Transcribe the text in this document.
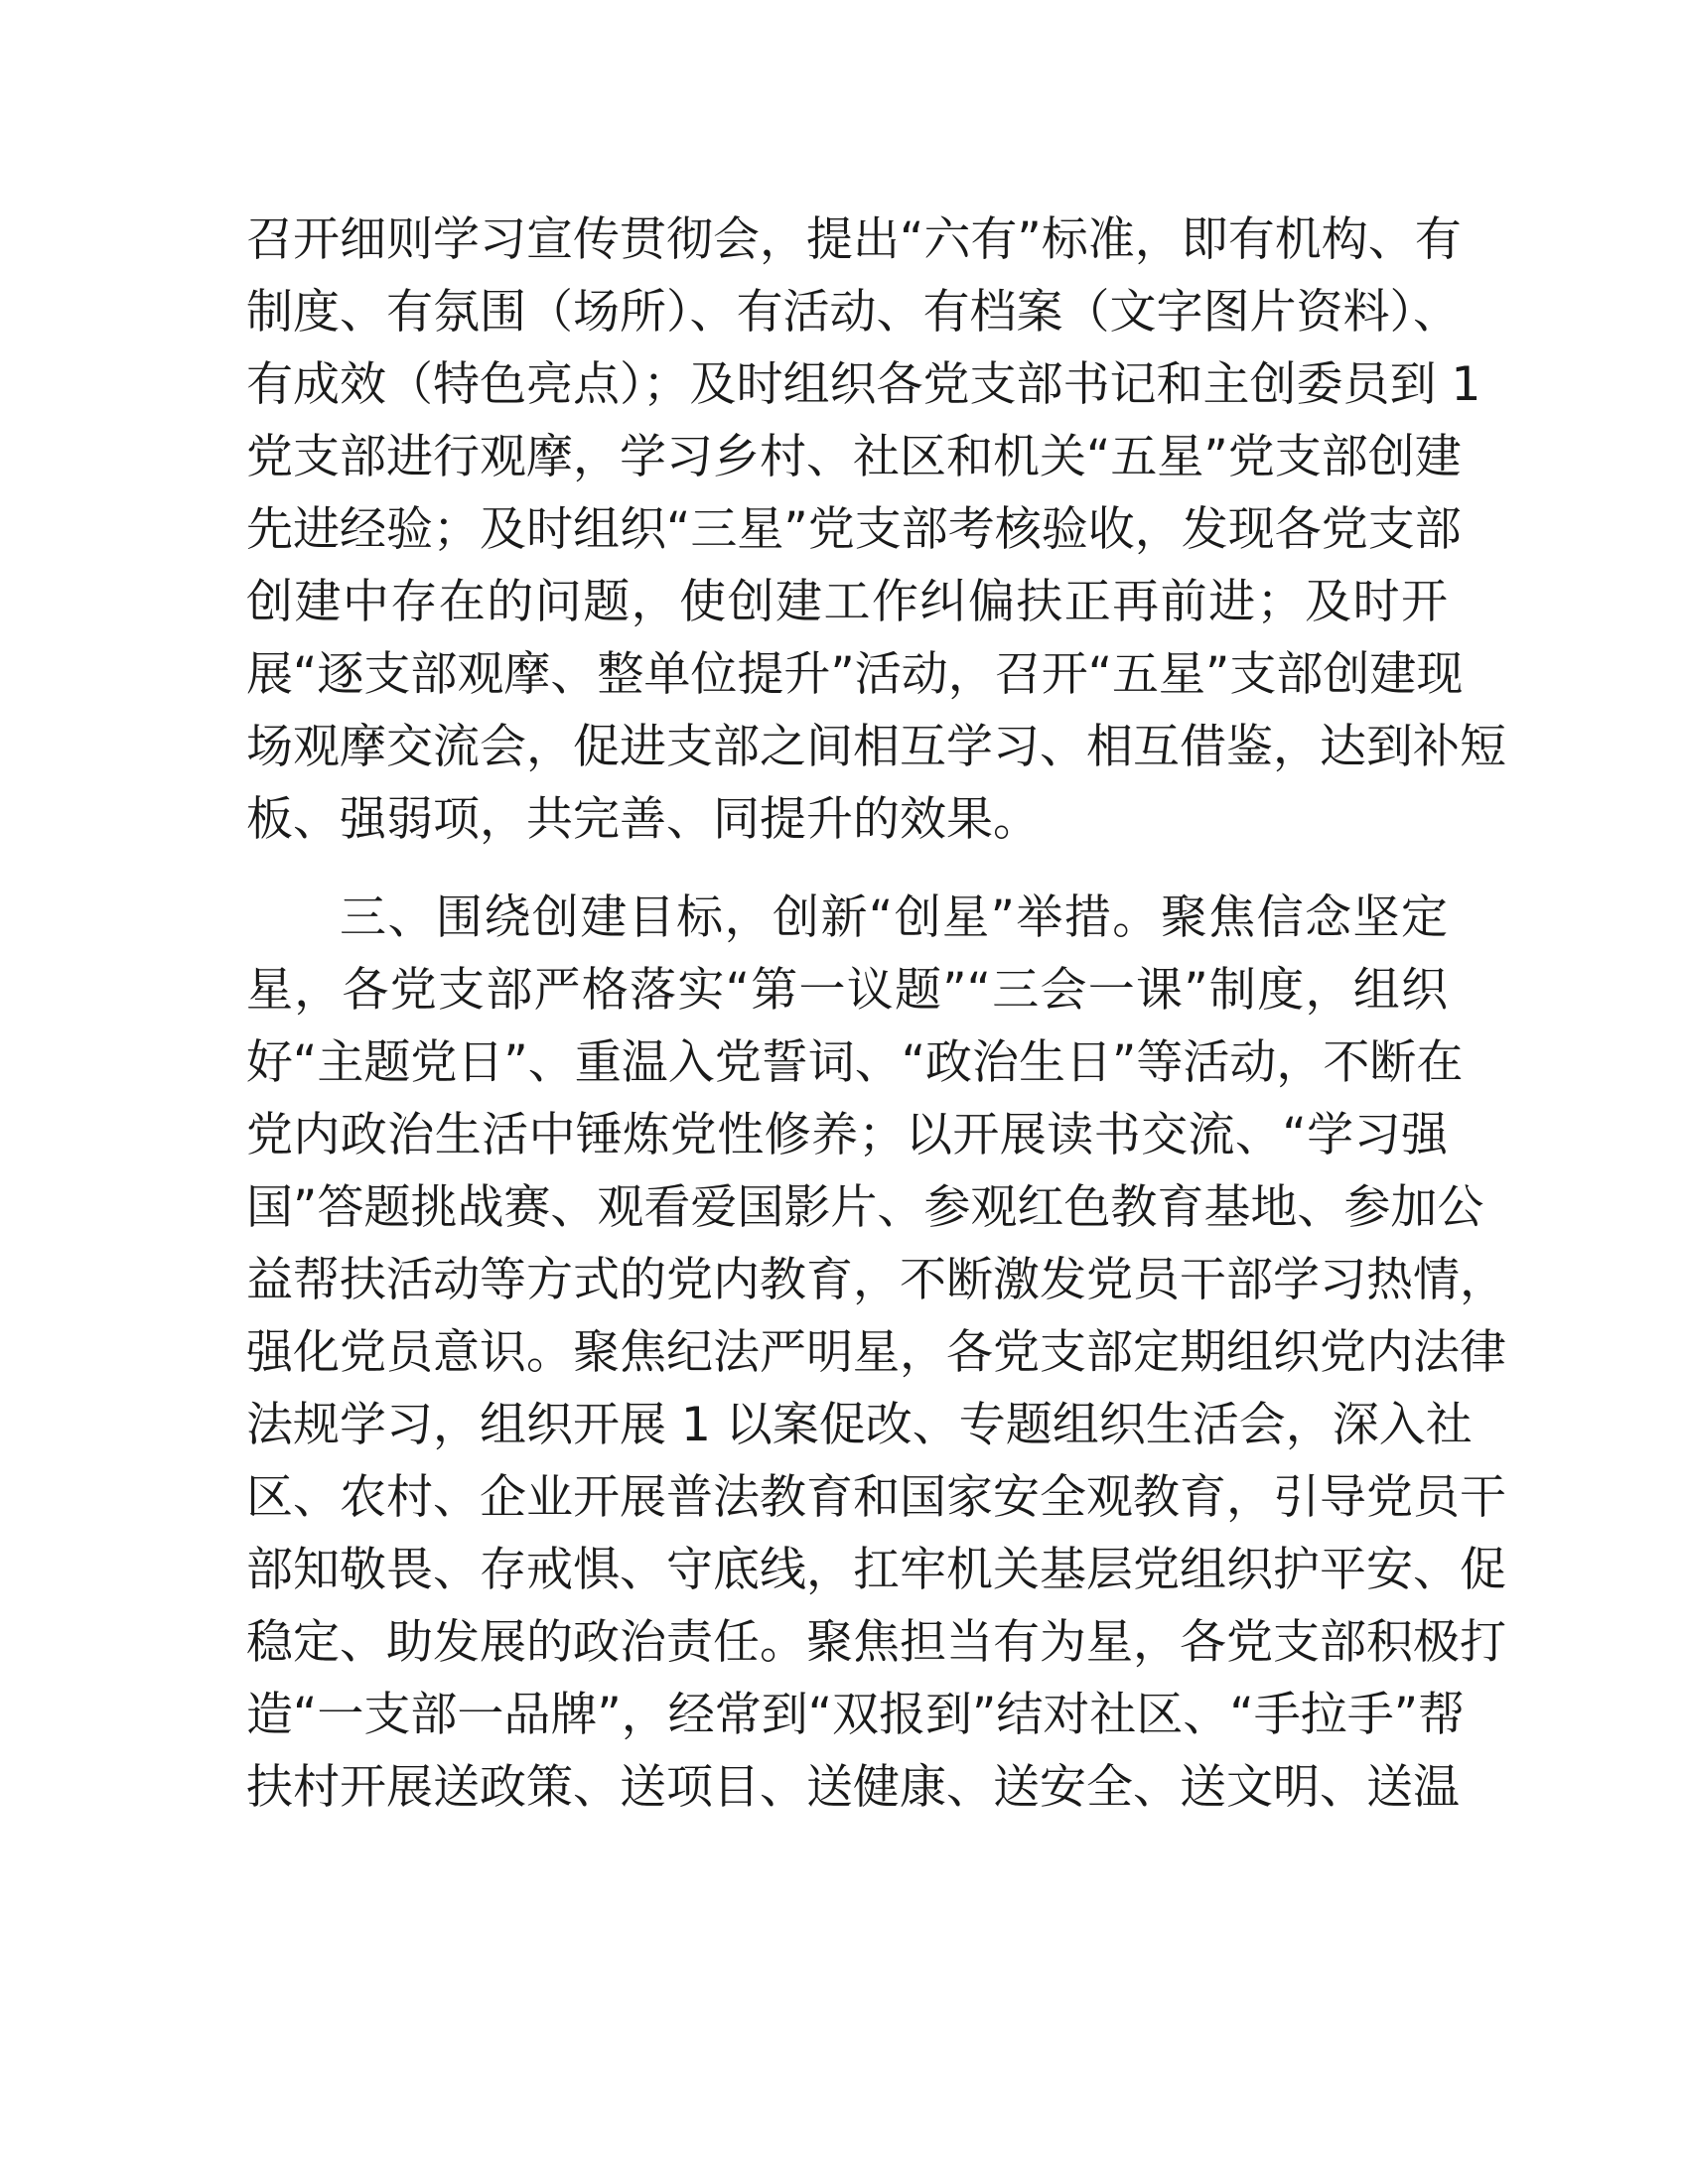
召开细则学习宣传贯彻会，提出“六有”标准，即有机构、有
制度、有氛围（场所）、有活动、有档案（文字图片资料）、
有成效（特色亮点）；及时组织各党支部书记和主创委员到 1
党支部进行观摩，学习乡村、社区和机关“五星”党支部创建
先进经验；及时组织“三星”党支部考核验收，发现各党支部
创建中存在的问题，使创建工作纠偏扶正再前进；及时开
展“逐支部观摩、整单位提升”活动，召开“五星”支部创建现
场观摩交流会，促进支部之间相互学习、相互借鉴，达到补短
板、强弱项，共完善、同提升的效果。
三、围绕创建目标，创新“创星”举措。聚焦信念坚定
星，各党支部严格落实“第一议题”“三会一课”制度，组织
好“主题党日”、重温入党誓词、“政治生日”等活动，不断在
党内政治生活中锤炼党性修养；以开展读书交流、“学习强
国”答题挑战赛、观看爱国影片、参观红色教育基地、参加公
益帮扶活动等方式的党内教育，不断激发党员干部学习热情，
强化党员意识。聚焦纪法严明星，各党支部定期组织党内法律
法规学习，组织开展 1 以案促改、专题组织生活会，深入社
区、农村、企业开展普法教育和国家安全观教育，引导党员干
部知敬畏、存戒惧、守底线，扛牢机关基层党组织护平安、促
稳定、助发展的政治责任。聚焦担当有为星，各党支部积极打
造“一支部一品牌”，经常到“双报到”结对社区、“手拉手”帮
扶村开展送政策、送项目、送健康、送安全、送文明、送温
